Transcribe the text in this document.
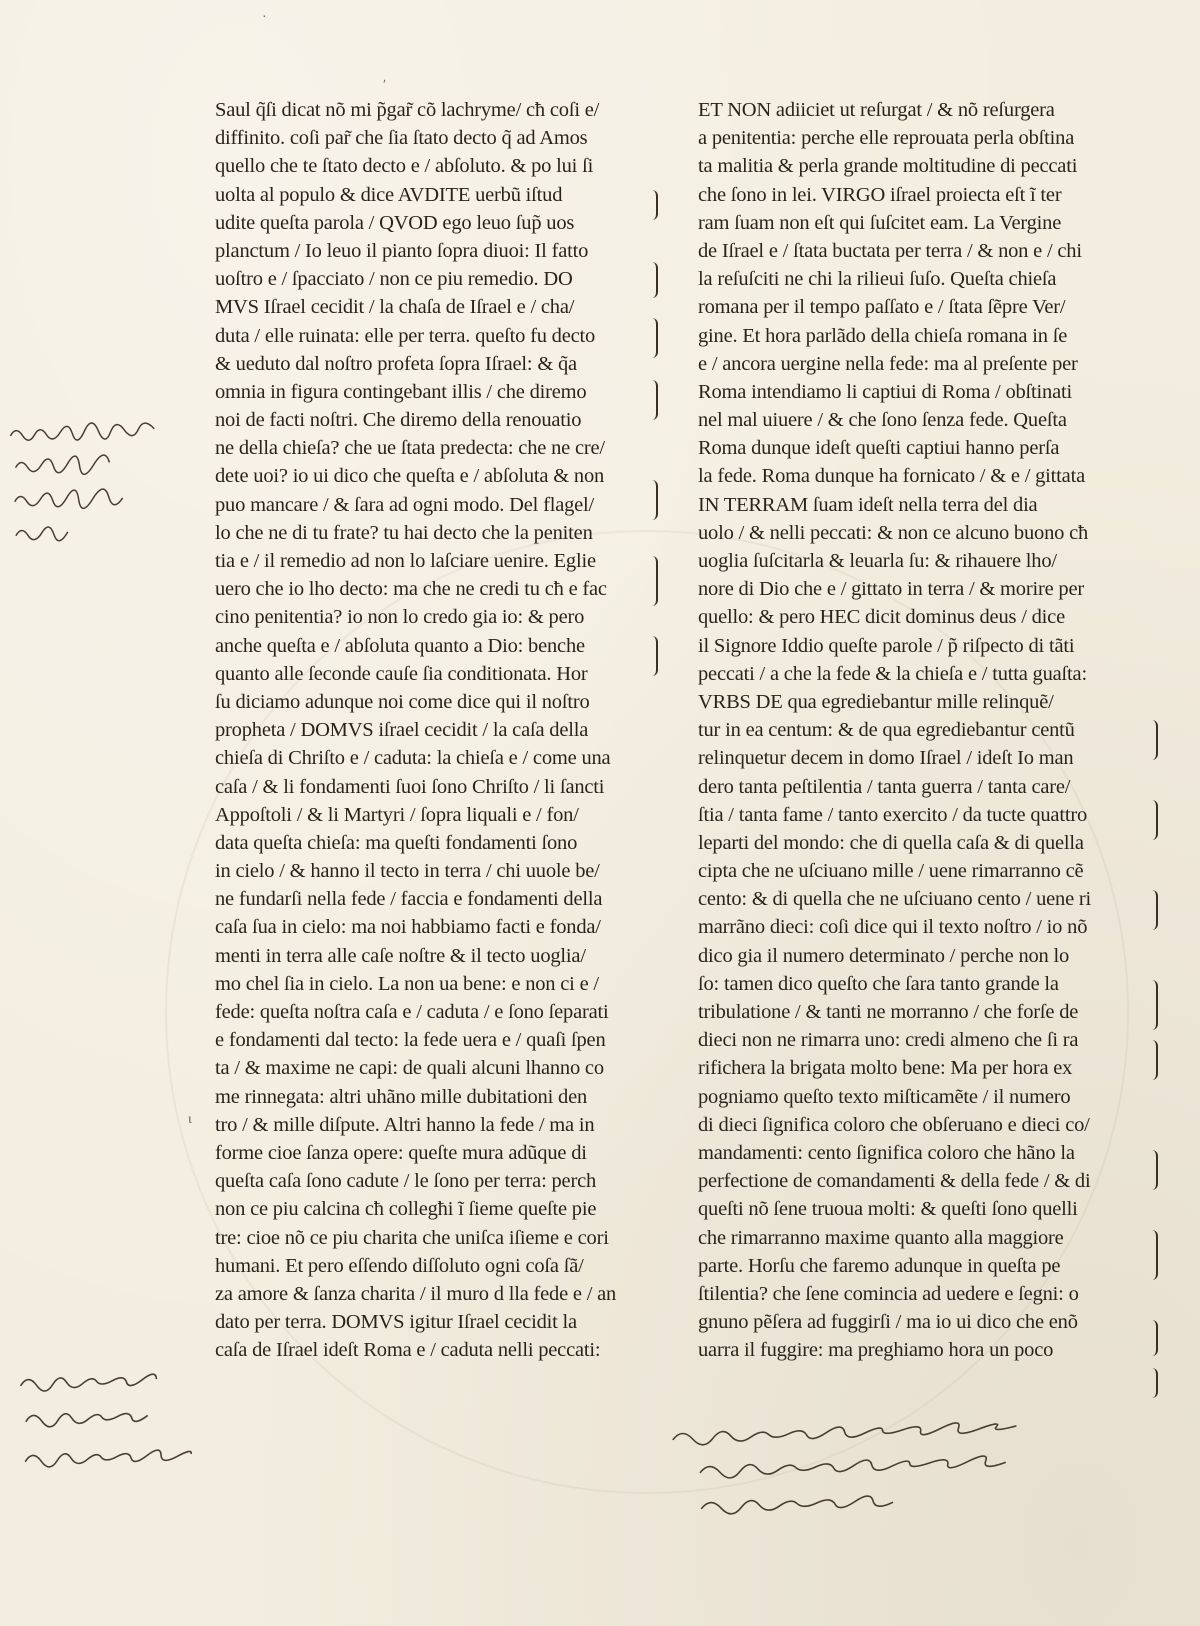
Saul q̃ſi dicat nõ mi p̃gar̃ cõ lachryme/ cħ coſi e/
diffinito. coſi par̃ che ſia ſtato decto q̃ ad Amos
quello che te ſtato decto e / abſoluto. & po lui ſi
uolta al populo & dice AVDITE uerbũ iſtud
udite queſta parola / QVOD ego leuo ſup̃ uos
planctum / Io leuo il pianto ſopra diuoi: Il fatto
uoſtro e / ſpacciato / non ce piu remedio. DO
MVS Iſrael cecidit / la chaſa de Iſrael e / cha/
duta / elle ruinata: elle per terra. queſto fu decto
& ueduto dal noſtro profeta ſopra Iſrael: & q̃a
omnia in figura contingebant illis / che diremo
noi de facti noſtri. Che diremo della renouatio
ne della chieſa? che ue ſtata predecta: che ne cre/
dete uoi? io ui dico che queſta e / abſoluta & non
puo mancare / & ſara ad ogni modo. Del flagel/
lo che ne di tu frate? tu hai decto che la peniten
tia e / il remedio ad non lo laſciare uenire. Eglie
uero che io lho decto: ma che ne credi tu cħ e fac
cino penitentia? io non lo credo gia io: & pero
anche queſta e / abſoluta quanto a Dio: benche
quanto alle ſeconde cauſe ſia conditionata. Hor
ſu diciamo adunque noi come dice qui il noſtro
propheta / DOMVS iſrael cecidit / la caſa della
chieſa di Chriſto e / caduta: la chieſa e / come una
caſa / & li fondamenti ſuoi ſono Chriſto / li ſancti
Appoſtoli / & li Martyri / ſopra liquali e / fon/
data queſta chieſa: ma queſti fondamenti ſono
in cielo / & hanno il tecto in terra / chi uuole be/
ne fundarſi nella fede / faccia e fondamenti della
caſa ſua in cielo: ma noi habbiamo facti e fonda/
menti in terra alle caſe noſtre & il tecto uoglia/
mo chel ſia in cielo. La non ua bene: e non ci e /
fede: queſta noſtra caſa e / caduta / e ſono ſeparati
e fondamenti dal tecto: la fede uera e / quaſi ſpen
ta / & maxime ne capi: de quali alcuni lhanno co
me rinnegata: altri uhãno mille dubitationi den
tro / & mille diſpute. Altri hanno la fede / ma in
forme cioe ſanza opere: queſte mura adũque di
queſta caſa ſono cadute / le ſono per terra: perch
non ce piu calcina cħ collegħi ĩ ſieme queſte pie
tre: cioe nõ ce piu charita che uniſca iſieme e cori
humani. Et pero eſſendo diſſoluto ogni coſa ſã/
za amore & ſanza charita / il muro d lla fede e / an
dato per terra. DOMVS igitur Iſrael cecidit la
caſa de Iſrael ideſt Roma e / caduta nelli peccati:
ET NON adiiciet ut reſurgat / & nõ reſurgera
a penitentia: perche elle reprouata perla obſtina
ta malitia & perla grande moltitudine di peccati
che ſono in lei. VIRGO iſrael proiecta eſt ĩ ter
ram ſuam non eſt qui ſuſcitet eam. La Vergine
de Iſrael e / ſtata buctata per terra / & non e / chi
la reſuſciti ne chi la rilieui ſuſo. Queſta chieſa
romana per il tempo paſſato e / ſtata ſẽpre Ver/
gine. Et hora parlãdo della chieſa romana in ſe
e / ancora uergine nella fede: ma al preſente per
Roma intendiamo li captiui di Roma / obſtinati
nel mal uiuere / & che ſono ſenza fede. Queſta
Roma dunque ideſt queſti captiui hanno perſa
la fede. Roma dunque ha fornicato / & e / gittata
IN TERRAM ſuam ideſt nella terra del dia
uolo / & nelli peccati: & non ce alcuno buono cħ
uoglia ſuſcitarla & leuarla ſu: & rihauere lho/
nore di Dio che e / gittato in terra / & morire per
quello: & pero HEC dicit dominus deus / dice
il Signore Iddio queſte parole / p̃ riſpecto di tãti
peccati / a che la fede & la chieſa e / tutta guaſta:
VRBS DE qua egrediebantur mille relinquẽ/
tur in ea centum: & de qua egrediebantur centũ
relinquetur decem in domo Iſrael / ideſt Io man
dero tanta peſtilentia / tanta guerra / tanta care/
ſtia / tanta fame / tanto exercito / da tucte quattro
leparti del mondo: che di quella caſa & di quella
cipta che ne uſciuano mille / uene rimarranno cẽ
cento: & di quella che ne uſciuano cento / uene ri
marrãno dieci: coſi dice qui il texto noſtro / io nõ
dico gia il numero determinato / perche non lo
ſo: tamen dico queſto che ſara tanto grande la
tribulatione / & tanti ne morranno / che forſe de
dieci non ne rimarra uno: credi almeno che ſi ra
rifichera la brigata molto bene: Ma per hora ex
pogniamo queſto texto miſticamẽte / il numero
di dieci ſignifica coloro che obſeruano e dieci co/
mandamenti: cento ſignifica coloro che hãno la
perfectione de comandamenti & della fede / & di
queſti nõ ſene truoua molti: & queſti ſono quelli
che rimarranno maxime quanto alla maggiore
parte. Horſu che faremo adunque in queſta pe
ſtilentia? che ſene comincia ad uedere e ſegni: o
gnuno pẽſera ad fuggirſi / ma io ui dico che enõ
uarra il fuggire: ma preghiamo hora un poco
ʹ
·
ɩ
